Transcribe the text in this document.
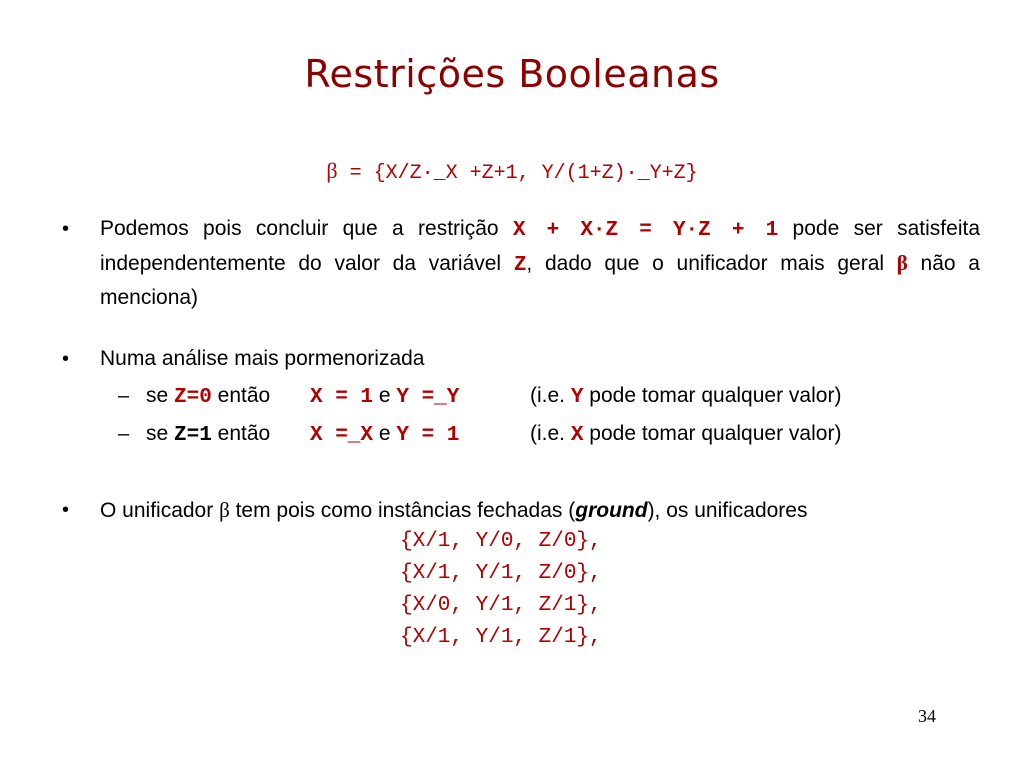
Restrições Booleanas
β = {X/Z·_X +Z+1, Y/(1+Z)·_Y+Z}
• Podemos pois concluir que a restrição X + X·Z = Y·Z + 1 pode ser satisfeita independentemente do valor da variável Z, dado que o unificador mais geral β não a menciona)
• Numa análise mais pormenorizada
– se Z=0 então X = 1 e Y =_Y	(i.e. Y pode tomar qualquer valor)
– se Z=1 então X =_X e Y = 1	(i.e. X pode tomar qualquer valor)
• O unificador β tem pois como instâncias fechadas (ground), os unificadores
{X/1, Y/0, Z/0},
{X/1, Y/1, Z/0},
{X/0, Y/1, Z/1},
{X/1, Y/1, Z/1},
34
